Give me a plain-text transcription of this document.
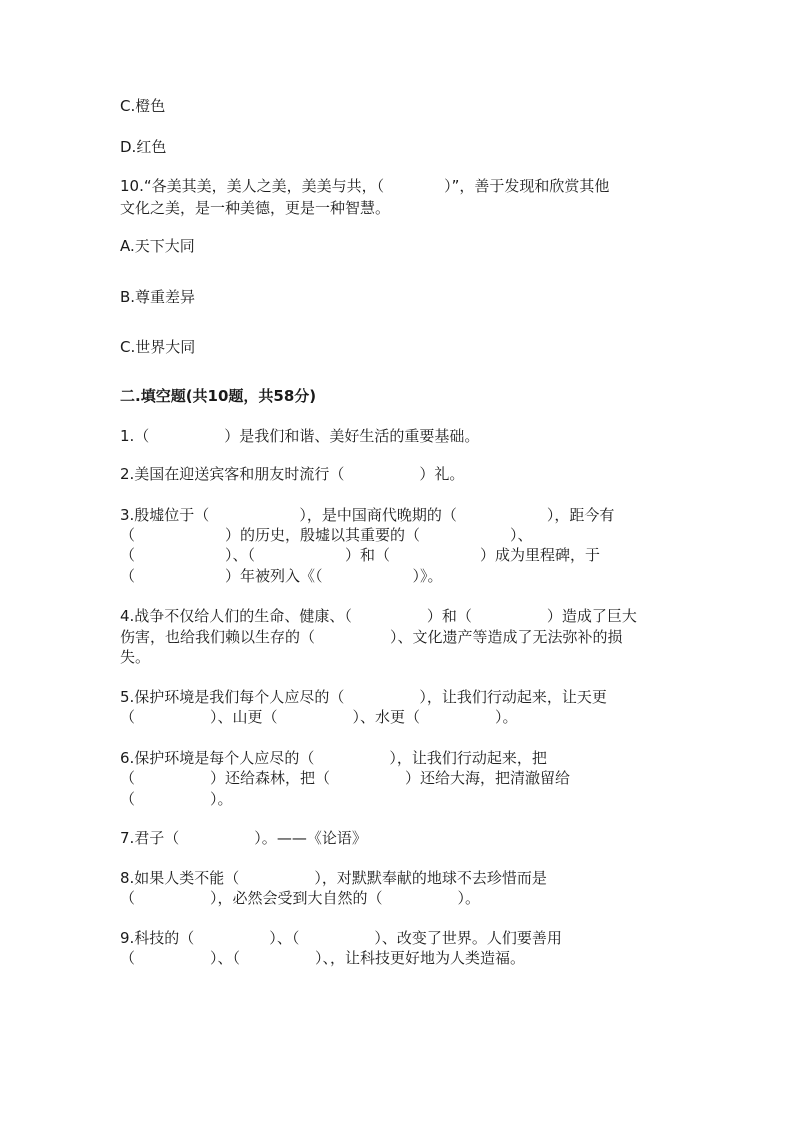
C.橙色
D.红色
10.“各美其美，美人之美，美美与共，（　　　　）”，善于发现和欣赏其他
文化之美，是一种美德，更是一种智慧。
A.天下大同
B.尊重差异
C.世界大同
二.填空题(共10题，共58分)
1.（　　　　　）是我们和谐、美好生活的重要基础。
2.美国在迎送宾客和朋友时流行（　　　　　）礼。
3.殷墟位于（　　　　　　），是中国商代晚期的（　　　　　　），距今有
（　　　　　　）的历史，殷墟以其重要的（　　　　　　）、
（　　　　　　）、（　　　　　　）和（　　　　　　）成为里程碑，于
（　　　　　　）年被列入《（　　　　　　）》。
4.战争不仅给人们的生命、健康、（　　　　　）和（　　　　　）造成了巨大
伤害，也给我们赖以生存的（　　　　　）、文化遗产等造成了无法弥补的损
失。
5.保护环境是我们每个人应尽的（　　　　　），让我们行动起来，让天更
（　　　　　）、山更（　　　　　）、水更（　　　　　）。
6.保护环境是每个人应尽的（　　　　　），让我们行动起来，把
（　　　　　）还给森林，把（　　　　　）还给大海，把清澈留给
（　　　　　）。
7.君子（　　　　　）。——《论语》
8.如果人类不能（　　　　　），对默默奉献的地球不去珍惜而是
（　　　　　），必然会受到大自然的（　　　　　）。
9.科技的（　　　　　）、（　　　　　）、改变了世界。人们要善用
（　　　　　）、（　　　　　）、，让科技更好地为人类造福。
